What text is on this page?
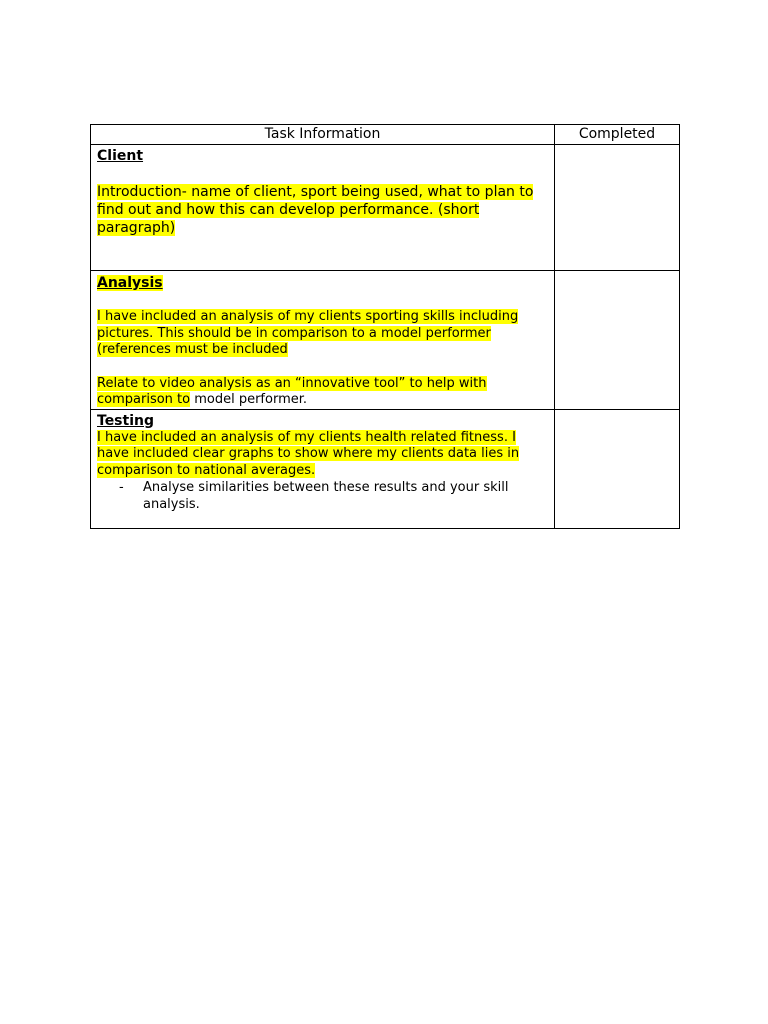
Task Information	Completed

Client

Introduction- name of client, sport being used, what to plan to find out and how this can develop performance. (short paragraph)	

Analysis

I have included an analysis of my clients sporting skills including pictures. This should be in comparison to a model performer (references must be included

Relate to video analysis as an “innovative tool” to help with comparison to model performer.	

Testing

I have included an analysis of my clients health related fitness. I have included clear graphs to show where my clients data lies in comparison to national averages.

- Analyse similarities between these results and your skill analysis.	
